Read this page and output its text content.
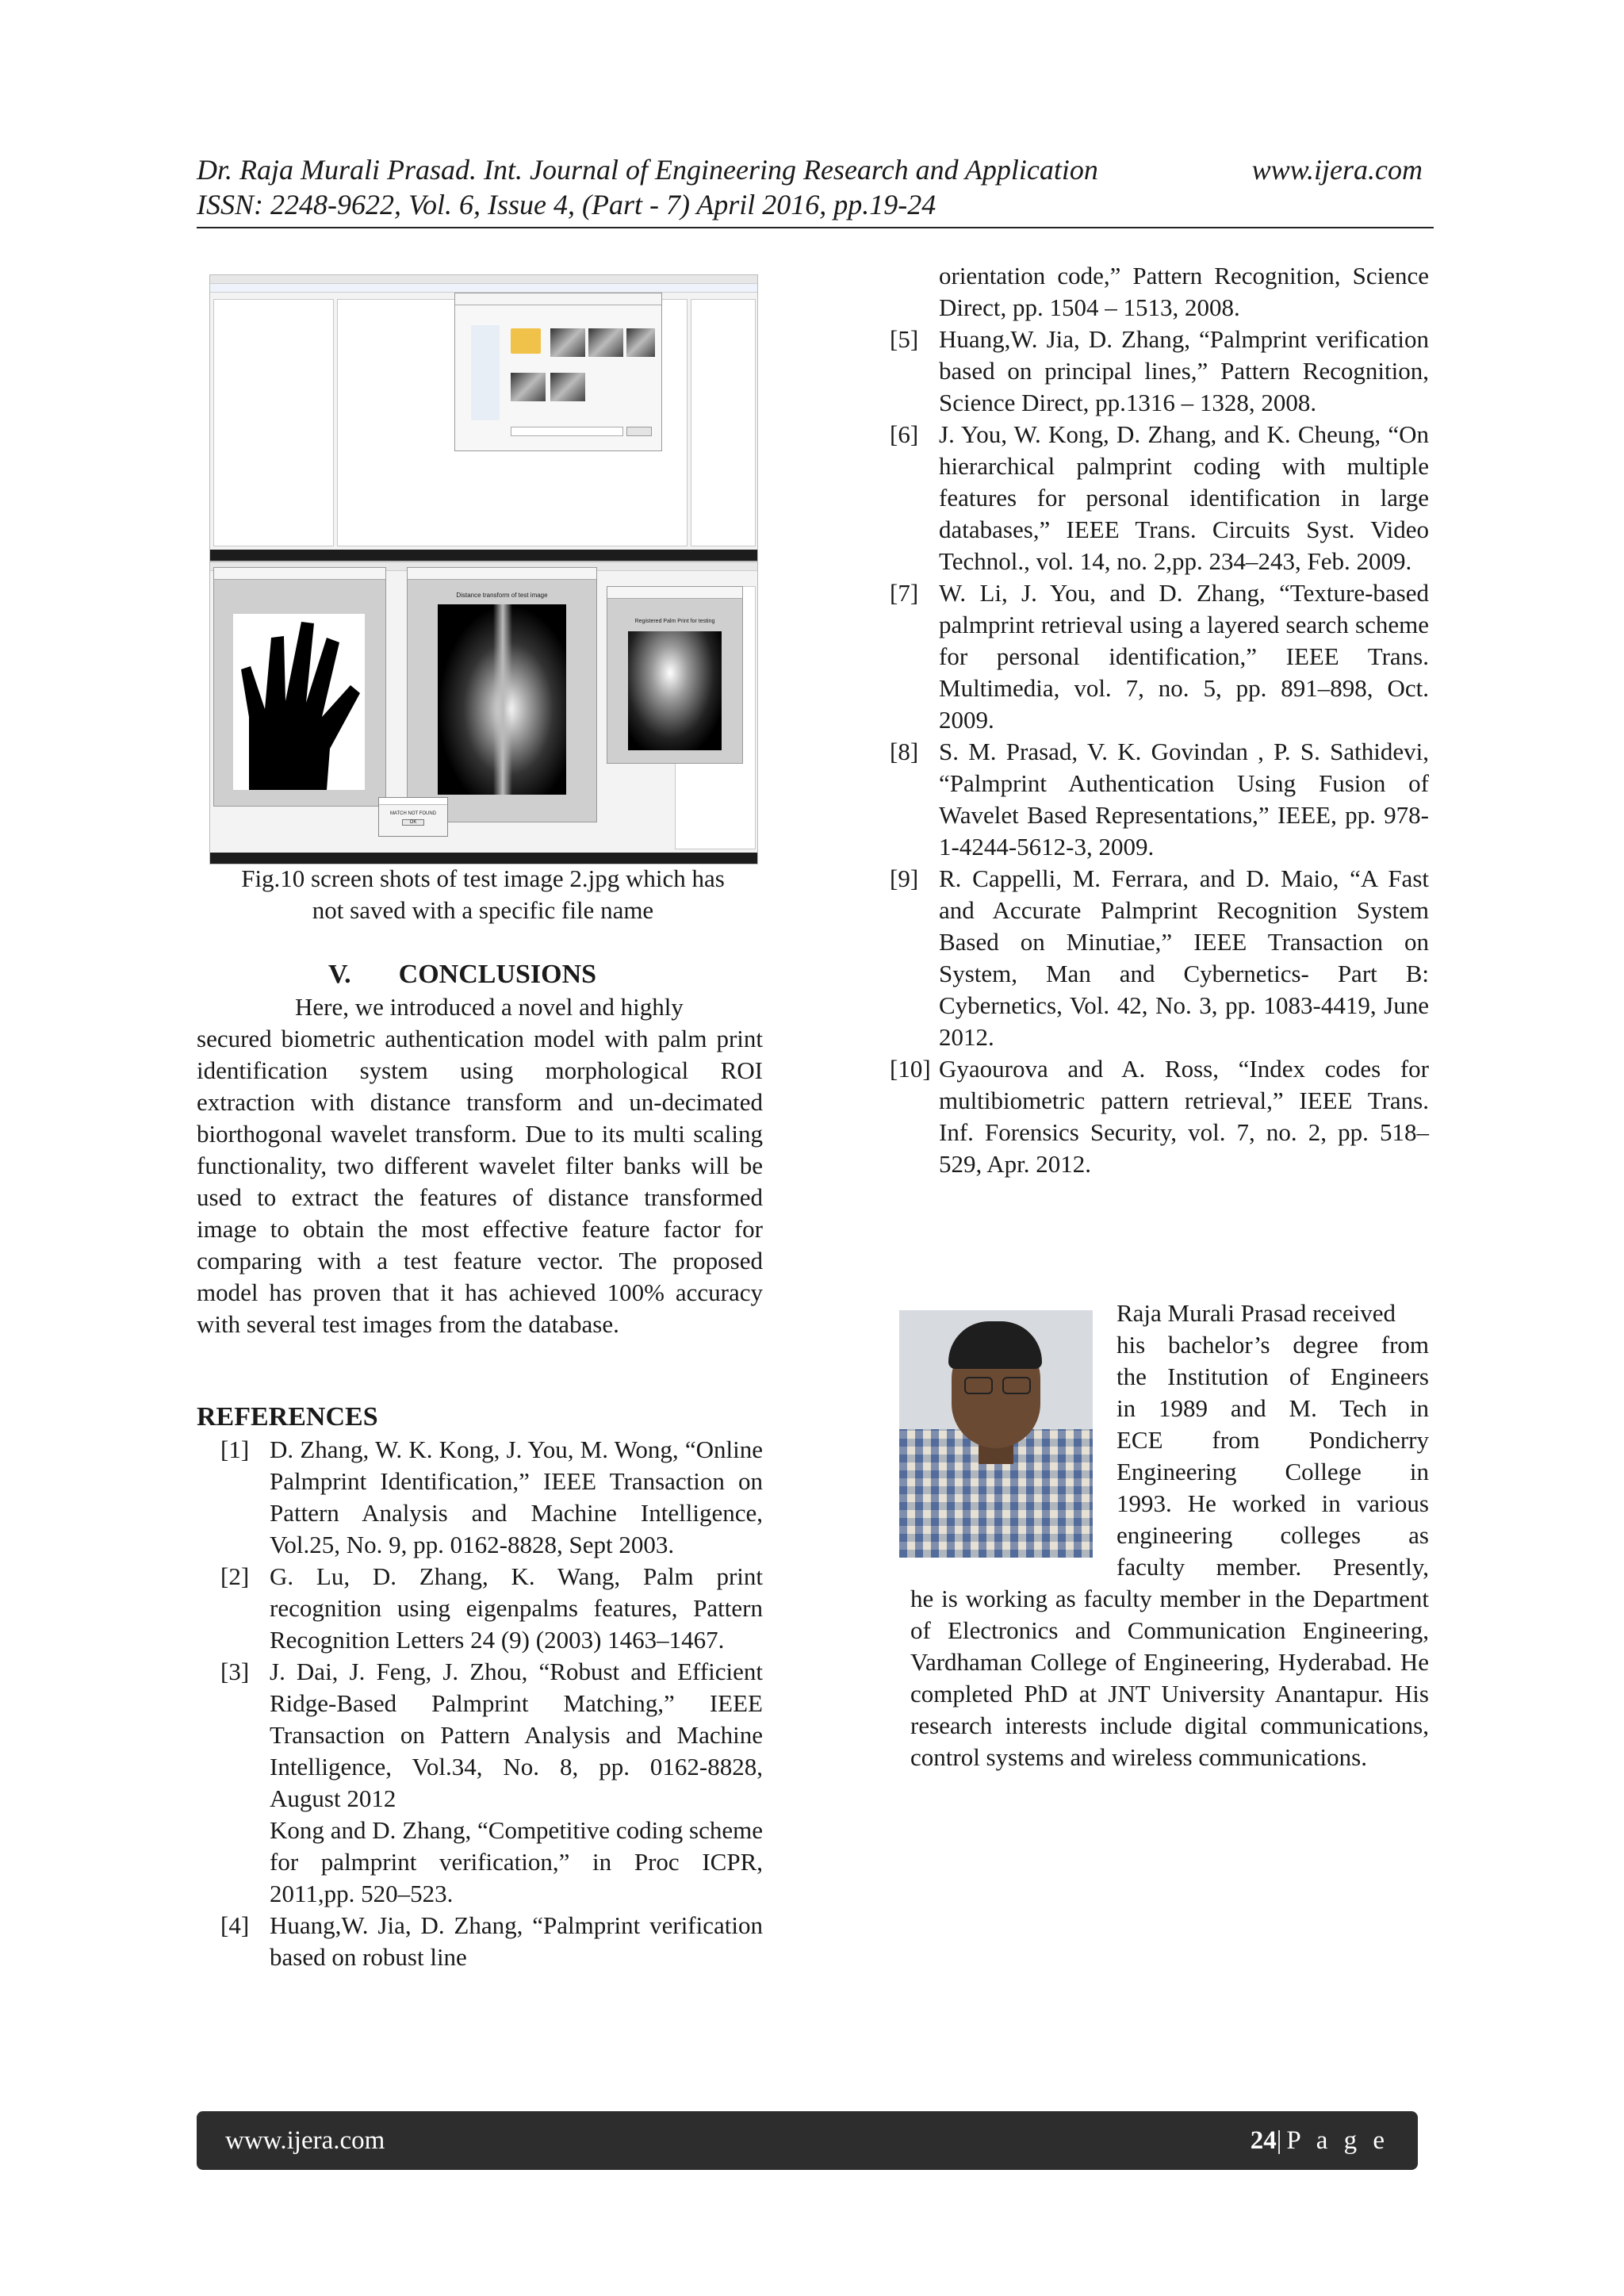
Dr. Raja Murali Prasad. Int. Journal of Engineering Research and Application	www.ijera.com
ISSN: 2248-9622, Vol. 6, Issue 4, (Part - 7) April 2016, pp.19-24
Distance transform of test image
Registered Palm Print for testing
MATCH NOT FOUND
OK
Fig.10 screen shots of test image 2.jpg which has
not saved with a specific file name
V. CONCLUSIONS
Here, we introduced a novel and highly
secured biometric authentication model with palm print identification system using morphological ROI extraction with distance transform and un-decimated biorthogonal wavelet transform. Due to its multi scaling functionality, two different wavelet filter banks will be used to extract the features of distance transformed image to obtain the most effective feature factor for comparing with a test feature vector. The proposed model has proven that it has achieved 100% accuracy with several test images from the database.
REFERENCES
[1] D. Zhang, W. K. Kong, J. You, M. Wong, “Online Palmprint Identification,” IEEE Transaction on Pattern Analysis and Machine Intelligence, Vol.25, No. 9, pp. 0162-8828, Sept 2003.
[2] G. Lu, D. Zhang, K. Wang, Palm print recognition using eigenpalms features, Pattern Recognition Letters 24 (9) (2003) 1463–1467.
[3] J. Dai, J. Feng, J. Zhou, “Robust and Efficient Ridge-Based Palmprint Matching,” IEEE Transaction on Pattern Analysis and Machine Intelligence, Vol.34, No. 8, pp. 0162-8828, August 2012
Kong and D. Zhang, “Competitive coding scheme for palmprint verification,” in Proc ICPR, 2011,pp. 520–523.
[4] Huang,W. Jia, D. Zhang, “Palmprint verification based on robust line
orientation code,” Pattern Recognition, Science Direct, pp. 1504 – 1513, 2008.
[5] Huang,W. Jia, D. Zhang, “Palmprint verification based on principal lines,” Pattern Recognition, Science Direct, pp.1316 – 1328, 2008.
[6] J. You, W. Kong, D. Zhang, and K. Cheung, “On hierarchical palmprint coding with multiple features for personal identification in large databases,” IEEE Trans. Circuits Syst. Video Technol., vol. 14, no. 2,pp. 234–243, Feb. 2009.
[7] W. Li, J. You, and D. Zhang, “Texture-based palmprint retrieval using a layered search scheme for personal identification,” IEEE Trans. Multimedia, vol. 7, no. 5, pp. 891–898, Oct. 2009.
[8] S. M. Prasad, V. K. Govindan , P. S. Sathidevi, “Palmprint Authentication Using Fusion of Wavelet Based Representations,” IEEE, pp. 978-1-4244-5612-3, 2009.
[9] R. Cappelli, M. Ferrara, and D. Maio, “A Fast and Accurate Palmprint Recognition System Based on Minutiae,” IEEE Transaction on System, Man and Cybernetics- Part B: Cybernetics, Vol. 42, No. 3, pp. 1083-4419, June 2012.
[10] Gyaourova and A. Ross, “Index codes for multibiometric pattern retrieval,” IEEE Trans. Inf. Forensics Security, vol. 7, no. 2, pp. 518–529, Apr. 2012.
Raja Murali Prasad received
his bachelor’s degree from
the Institution of Engineers
in 1989 and M. Tech in
ECE from Pondicherry
Engineering College in
1993. He worked in various
engineering colleges as
faculty member. Presently,
he is working as faculty member in the Department of Electronics and Communication Engineering, Vardhaman College of Engineering, Hyderabad. He completed PhD at JNT University Anantapur. His research interests include digital communications, control systems and wireless communications.
www.ijera.com	24|P a g e
